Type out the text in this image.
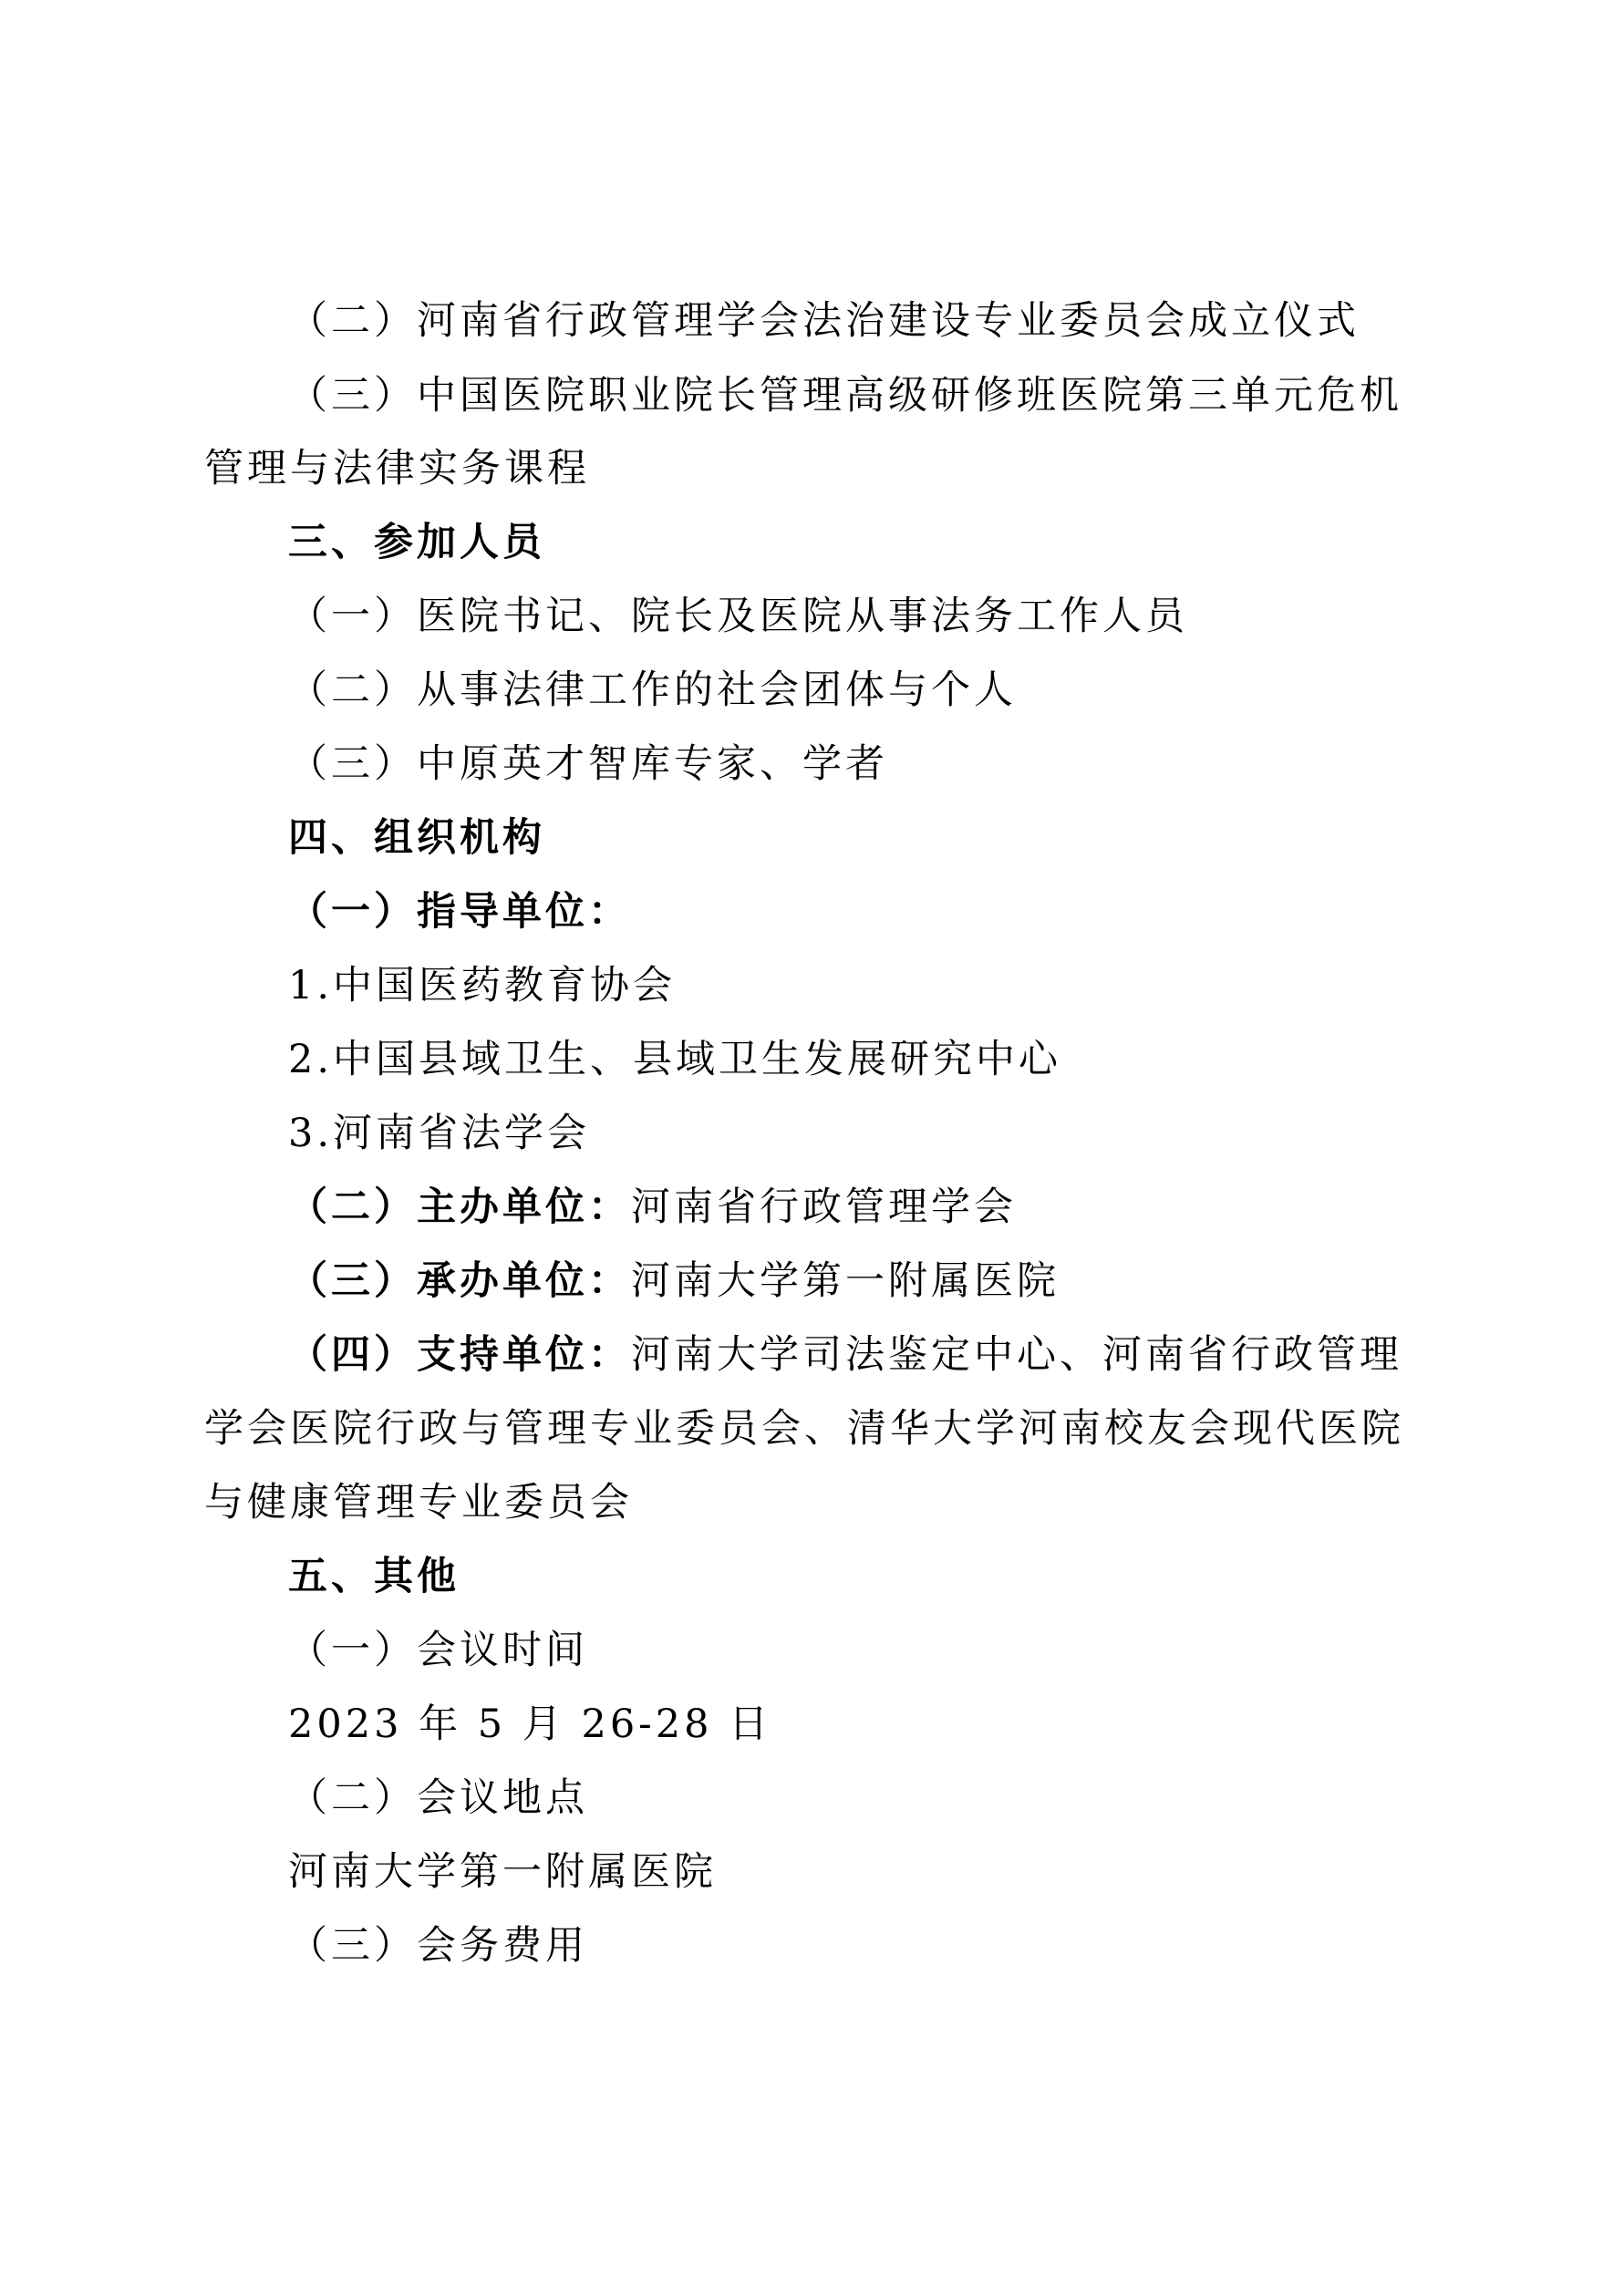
（二）河南省行政管理学会法治建设专业委员会成立仪式
（三）中国医院职业院长管理高级研修班医院第三单元危机
管理与法律实务课程
三、参加人员
（一）医院书记、院长及医院从事法务工作人员
（二）从事法律工作的社会团体与个人
（三）中原英才智库专家、学者
四、组织机构
（一）指导单位：
1.中国医药教育协会
2.中国县域卫生、县域卫生发展研究中心
3.河南省法学会
（二）主办单位：河南省行政管理学会
（三）承办单位：河南大学第一附属医院
（四）支持单位：河南大学司法鉴定中心、河南省行政管理
学会医院行政与管理专业委员会、清华大学河南校友会现代医院
与健康管理专业委员会
五、其他
（一）会议时间
2023 年 5 月 26-28 日
（二）会议地点
河南大学第一附属医院
（三）会务费用
